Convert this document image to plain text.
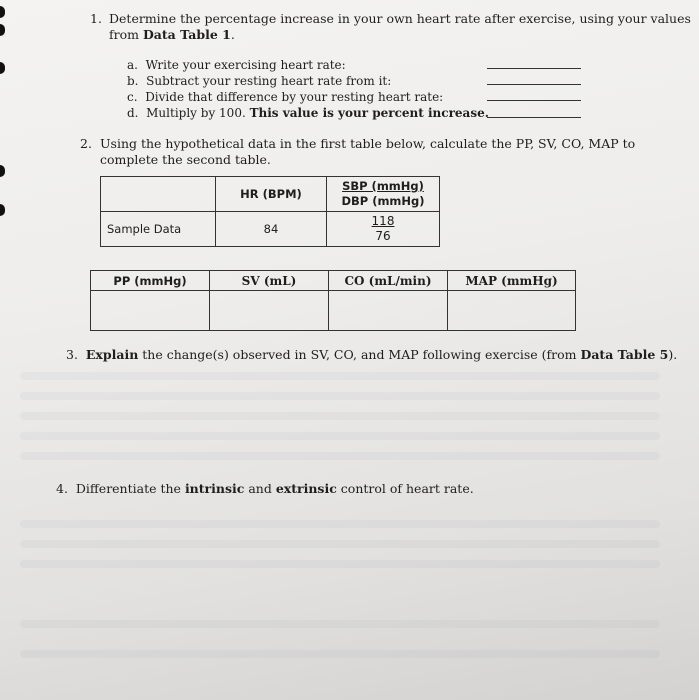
1. Determine the percentage increase in your own heart rate after exercise, using your values
from Data Table 1.
a. Write your exercising heart rate:
b. Subtract your resting heart rate from it:
c. Divide that difference by your resting heart rate:
d. Multiply by 100. This value is your percent increase.
2. Using the hypothetical data in the first table below, calculate the PP, SV, CO, MAP to
complete the second table.
	HR (BPM)	SBP (mmHg)
DBP (mmHg)

Sample Data	84	118
76
PP (mmHg)	SV (mL)	CO (mL/min)	MAP (mmHg)

3. Explain the change(s) observed in SV, CO, and MAP following exercise (from Data Table 5).
4. Differentiate the intrinsic and extrinsic control of heart rate.
